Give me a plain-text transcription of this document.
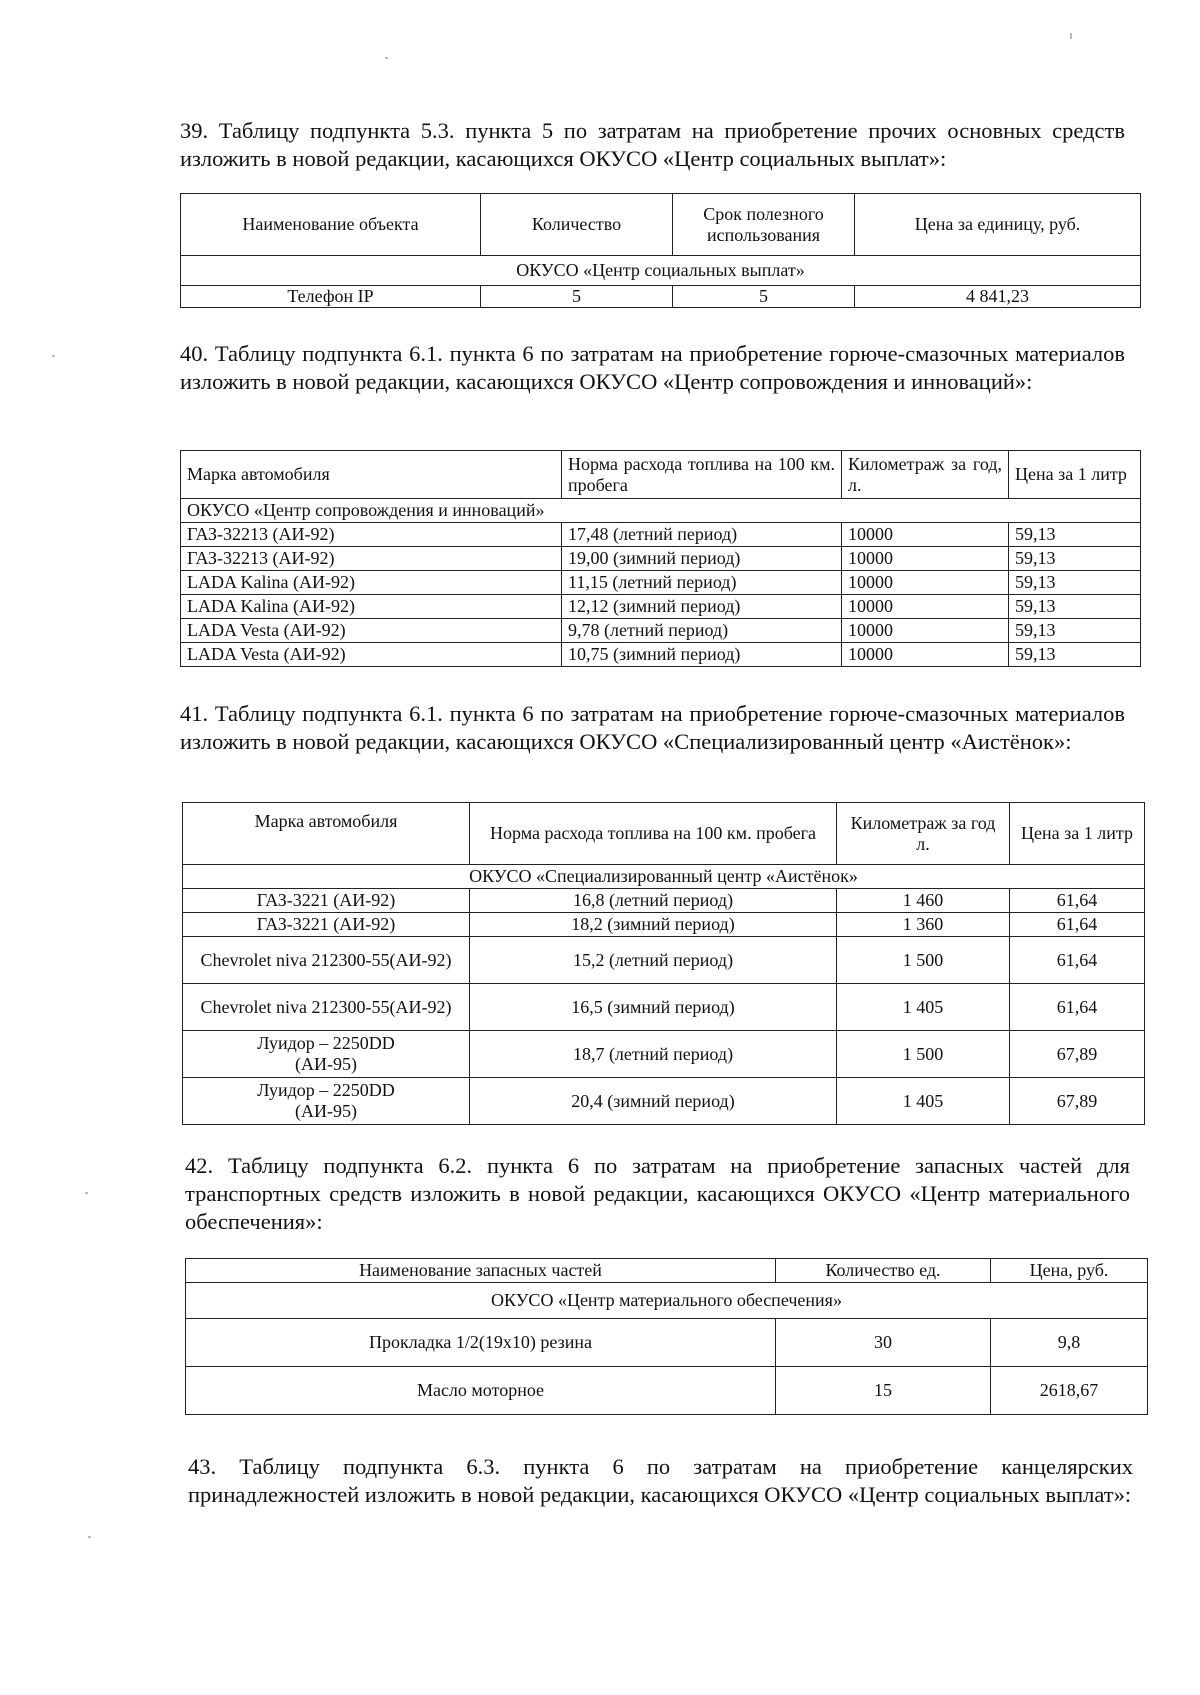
39. Таблицу подпункта 5.3. пункта 5 по затратам на приобретение прочих основных средств изложить в новой редакции, касающихся ОКУСО «Центр социальных выплат»:
Наименование объекта	Количество	Срок полезного использования	Цена за единицу, руб.
ОКУСО «Центр социальных выплат»			
Телефон IP	5	5	4 841,23
40. Таблицу подпункта 6.1. пункта 6 по затратам на приобретение горюче-смазочных материалов изложить в новой редакции, касающихся ОКУСО «Центр сопровождения и инноваций»:
Марка автомобиля	Норма расхода топлива на 100 км. пробега	Километраж за год, л.	Цена за 1 литр
ОКУСО «Центр сопровождения и инноваций»			
ГАЗ-32213 (АИ-92)	17,48 (летний период)	10000	59,13
ГАЗ-32213 (АИ-92)	19,00 (зимний период)	10000	59,13
LADA Kalina (АИ-92)	11,15 (летний период)	10000	59,13
LADA Kalina (АИ-92)	12,12 (зимний период)	10000	59,13
LADA Vesta (АИ-92)	9,78 (летний период)	10000	59,13
LADA Vesta (АИ-92)	10,75 (зимний период)	10000	59,13
41. Таблицу подпункта 6.1. пункта 6 по затратам на приобретение горюче-смазочных материалов изложить в новой редакции, касающихся ОКУСО «Специализированный центр «Аистёнок»:
Марка автомобиля	Норма расхода топлива на 100 км. пробега	Километраж за год л.	Цена за 1 литр
ОКУСО «Специализированный центр «Аистёнок»			
ГАЗ-3221 (АИ-92)	16,8 (летний период)	1 460	61,64
ГАЗ-3221 (АИ-92)	18,2 (зимний период)	1 360	61,64
Chevrolet niva 212300-55(АИ-92)	15,2 (летний период)	1 500	61,64
Chevrolet niva 212300-55(АИ-92)	16,5 (зимний период)	1 405	61,64
Луидор – 2250DD (АИ-95)	18,7 (летний период)	1 500	67,89
Луидор – 2250DD (АИ-95)	20,4 (зимний период)	1 405	67,89
42. Таблицу подпункта 6.2. пункта 6 по затратам на приобретение запасных частей для транспортных средств изложить в новой редакции, касающихся ОКУСО «Центр материального обеспечения»:
Наименование запасных частей	Количество ед.	Цена, руб.
ОКУСО «Центр материального обеспечения»		
Прокладка 1/2(19x10) резина	30	9,8
Масло моторное	15	2618,67
43. Таблицу подпункта 6.3. пункта 6 по затратам на приобретение канцелярских принадлежностей изложить в новой редакции, касающихся ОКУСО «Центр социальных выплат»:
